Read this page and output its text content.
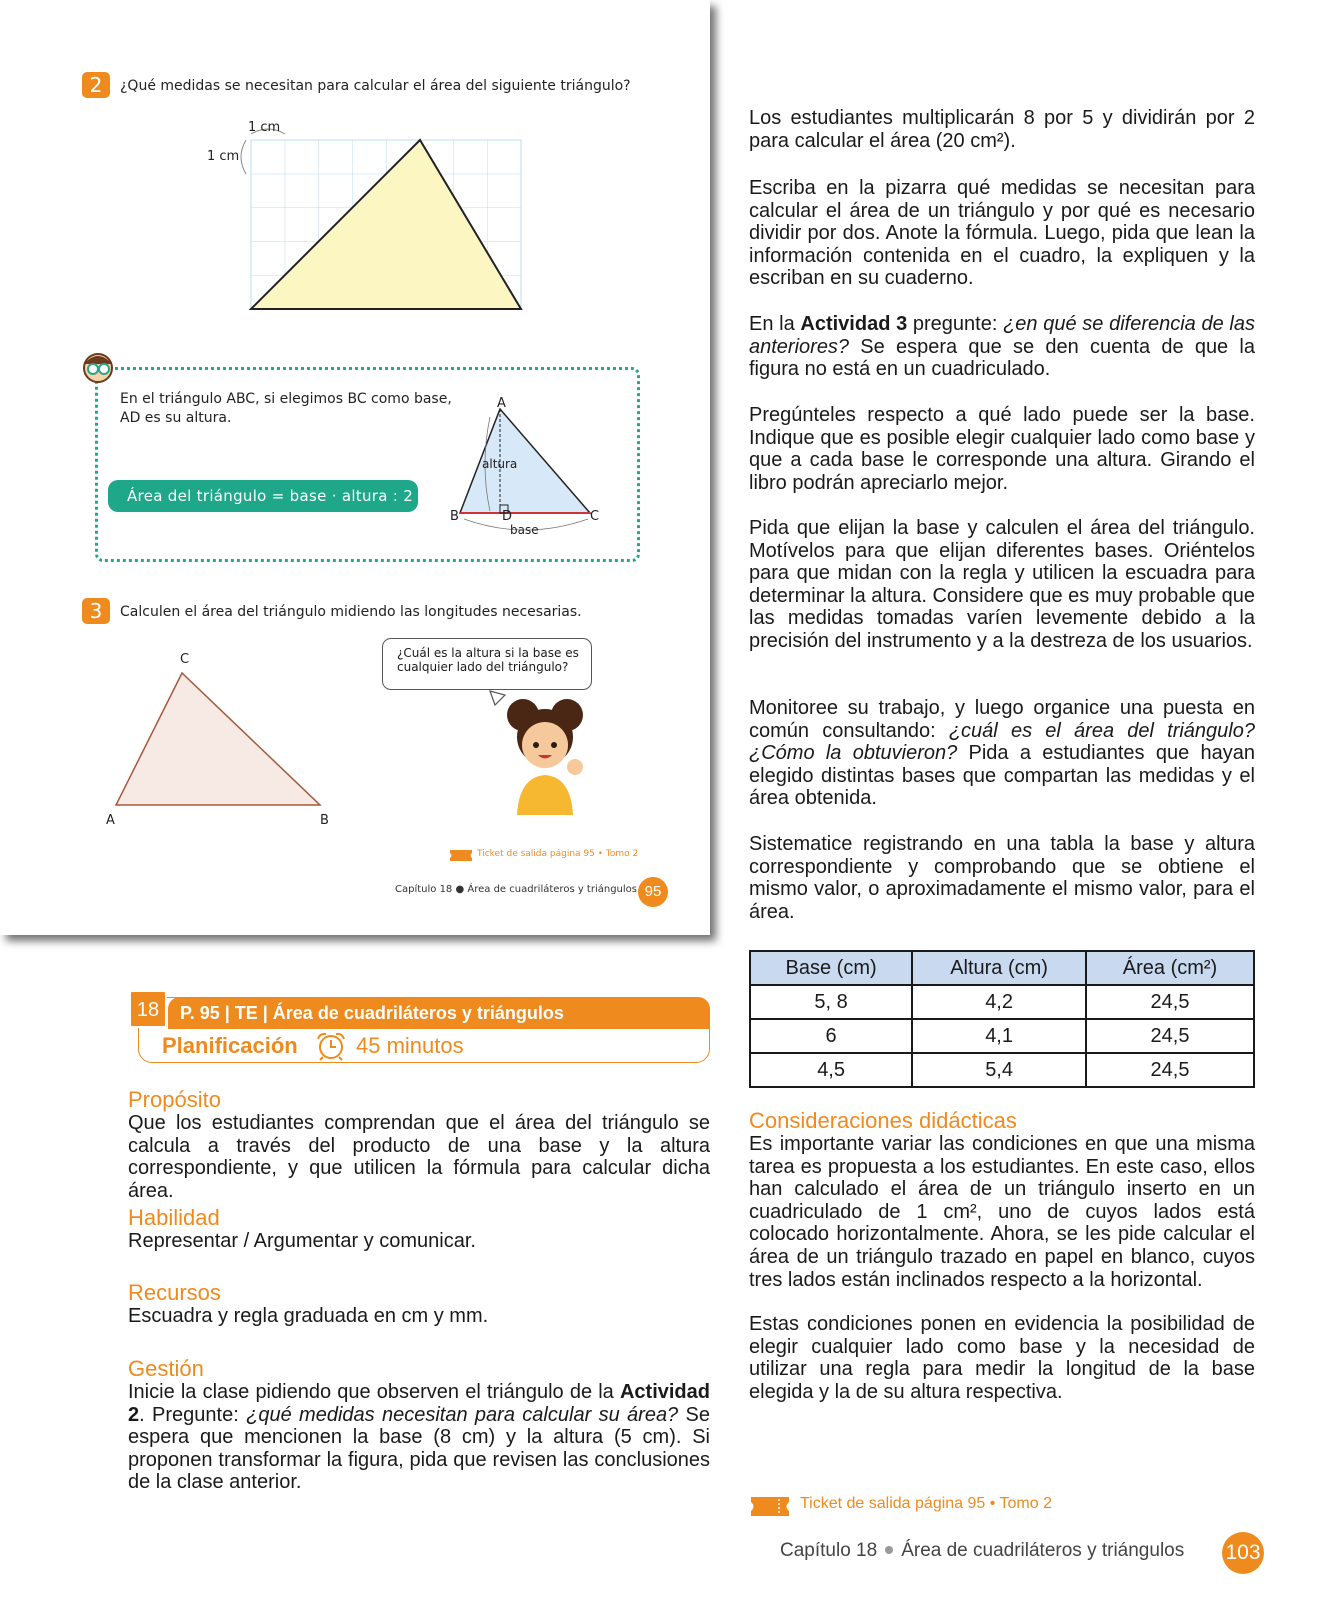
2	¿Qué medidas se necesitan para calcular el área del siguiente triángulo?
1 cm
1 cm
En el triángulo ABC, si elegimos BC como base,
AD es su altura.
Área del triángulo = base · altura : 2
A
B	C
D
altura
base
3	Calculen el área del triángulo midiendo las longitudes necesarias.
C
A	B
¿Cuál es la altura si la base es
cualquier lado del triángulo?
Ticket de salida página 95 • Tomo 2
Capítulo 18 ● Área de cuadriláteros y triángulos 95
Los estudiantes multiplicarán 8 por 5 y dividirán por 2 para calcular el área (20 cm²).
Escriba en la pizarra qué medidas se necesitan para calcular el área de un triángulo y por qué es necesario dividir por dos. Anote la fórmula. Luego, pida que lean la información contenida en el cuadro, la expliquen y la escriban en su cuaderno.
En la Actividad 3 pregunte: ¿en qué se diferencia de las anteriores? Se espera que se den cuenta de que la figura no está en un cuadriculado.
Pregúnteles respecto a qué lado puede ser la base. Indique que es posible elegir cualquier lado como base y que a cada base le corresponde una altura. Girando el libro podrán apreciarlo mejor.
Pida que elijan la base y calculen el área del triángulo. Motívelos para que elijan diferentes bases. Oriéntelos para que midan con la regla y utilicen la escuadra para determinar la altura. Considere que es muy probable que las medidas tomadas varíen levemente debido a la precisión del instrumento y a la destreza de los usuarios.
Monitoree su trabajo, y luego organice una puesta en común consultando: ¿cuál es el área del triángulo? ¿Cómo la obtuvieron? Pida a estudiantes que hayan elegido distintas bases que compartan las medidas y el área obtenida.
Sistematice registrando en una tabla la base y altura correspondiente y comprobando que se obtiene el mismo valor, o aproximadamente el mismo valor, para el área.
Base (cm)	Altura (cm)	Área (cm²)
5, 8	4,2	24,5
6	4,1	24,5
4,5	5,4	24,5
Consideraciones didácticas
Es importante variar las condiciones en que una misma tarea es propuesta a los estudiantes. En este caso, ellos han calculado el área de un triángulo inserto en un cuadriculado de 1 cm², uno de cuyos lados está colocado horizontalmente. Ahora, se les pide calcular el área de un triángulo trazado en papel en blanco, cuyos tres lados están inclinados respecto a la horizontal.
Estas condiciones ponen en evidencia la posibilidad de elegir cualquier lado como base y la necesidad de utilizar una regla para medir la longitud de la base elegida y la de su altura respectiva.
P. 95 | TE | Área de cuadriláteros y triángulos
18
Planificación	45 minutos
Propósito
Que los estudiantes comprendan que el área del triángulo se calcula a través del producto de una base y la altura correspondiente, y que utilicen la fórmula para calcular dicha área.
Habilidad
Representar / Argumentar y comunicar.
Recursos
Escuadra y regla graduada en cm y mm.
Gestión
Inicie la clase pidiendo que observen el triángulo de la Actividad 2. Pregunte: ¿qué medidas necesitan para calcular su área? Se espera que mencionen la base (8 cm) y la altura (5 cm). Si proponen transformar la figura, pida que revisen las conclusiones de la clase anterior.
Ticket de salida página 95 • Tomo 2
Capítulo 18 Área de cuadriláteros y triángulos 103
